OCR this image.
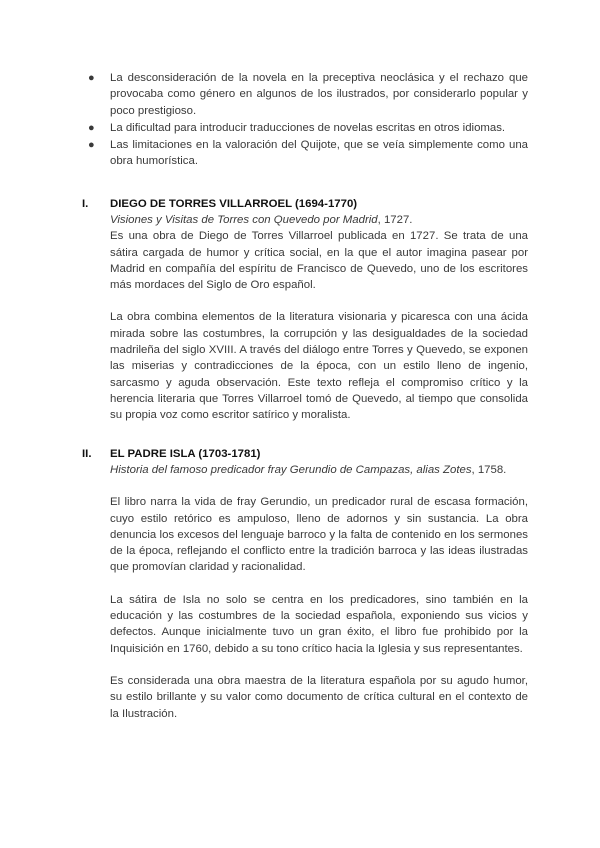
● La desconsideración de la novela en la preceptiva neoclásica y el rechazo que provocaba como género en algunos de los ilustrados, por considerarlo popular y poco prestigioso.
● La dificultad para introducir traducciones de novelas escritas en otros idiomas.
● Las limitaciones en la valoración del Quijote, que se veía simplemente como una obra humorística.
I.	DIEGO DE TORRES VILLARROEL (1694-1770)
Visiones y Visitas de Torres con Quevedo por Madrid, 1727.

Es una obra de Diego de Torres Villarroel publicada en 1727. Se trata de una sátira cargada de humor y crítica social, en la que el autor imagina pasear por Madrid en compañía del espíritu de Francisco de Quevedo, uno de los escritores más mordaces del Siglo de Oro español.

La obra combina elementos de la literatura visionaria y picaresca con una ácida mirada sobre las costumbres, la corrupción y las desigualdades de la sociedad madrileña del siglo XVIII. A través del diálogo entre Torres y Quevedo, se exponen las miserias y contradicciones de la época, con un estilo lleno de ingenio, sarcasmo y aguda observación. Este texto refleja el compromiso crítico y la herencia literaria que Torres Villarroel tomó de Quevedo, al tiempo que consolida su propia voz como escritor satírico y moralista.

II.	EL PADRE ISLA (1703-1781)
Historia del famoso predicador fray Gerundio de Campazas, alias Zotes, 1758.

El libro narra la vida de fray Gerundio, un predicador rural de escasa formación, cuyo estilo retórico es ampuloso, lleno de adornos y sin sustancia. La obra denuncia los excesos del lenguaje barroco y la falta de contenido en los sermones de la época, reflejando el conflicto entre la tradición barroca y las ideas ilustradas que promovían claridad y racionalidad.

La sátira de Isla no solo se centra en los predicadores, sino también en la educación y las costumbres de la sociedad española, exponiendo sus vicios y defectos. Aunque inicialmente tuvo un gran éxito, el libro fue prohibido por la Inquisición en 1760, debido a su tono crítico hacia la Iglesia y sus representantes.

Es considerada una obra maestra de la literatura española por su agudo humor, su estilo brillante y su valor como documento de crítica cultural en el contexto de la Ilustración.
